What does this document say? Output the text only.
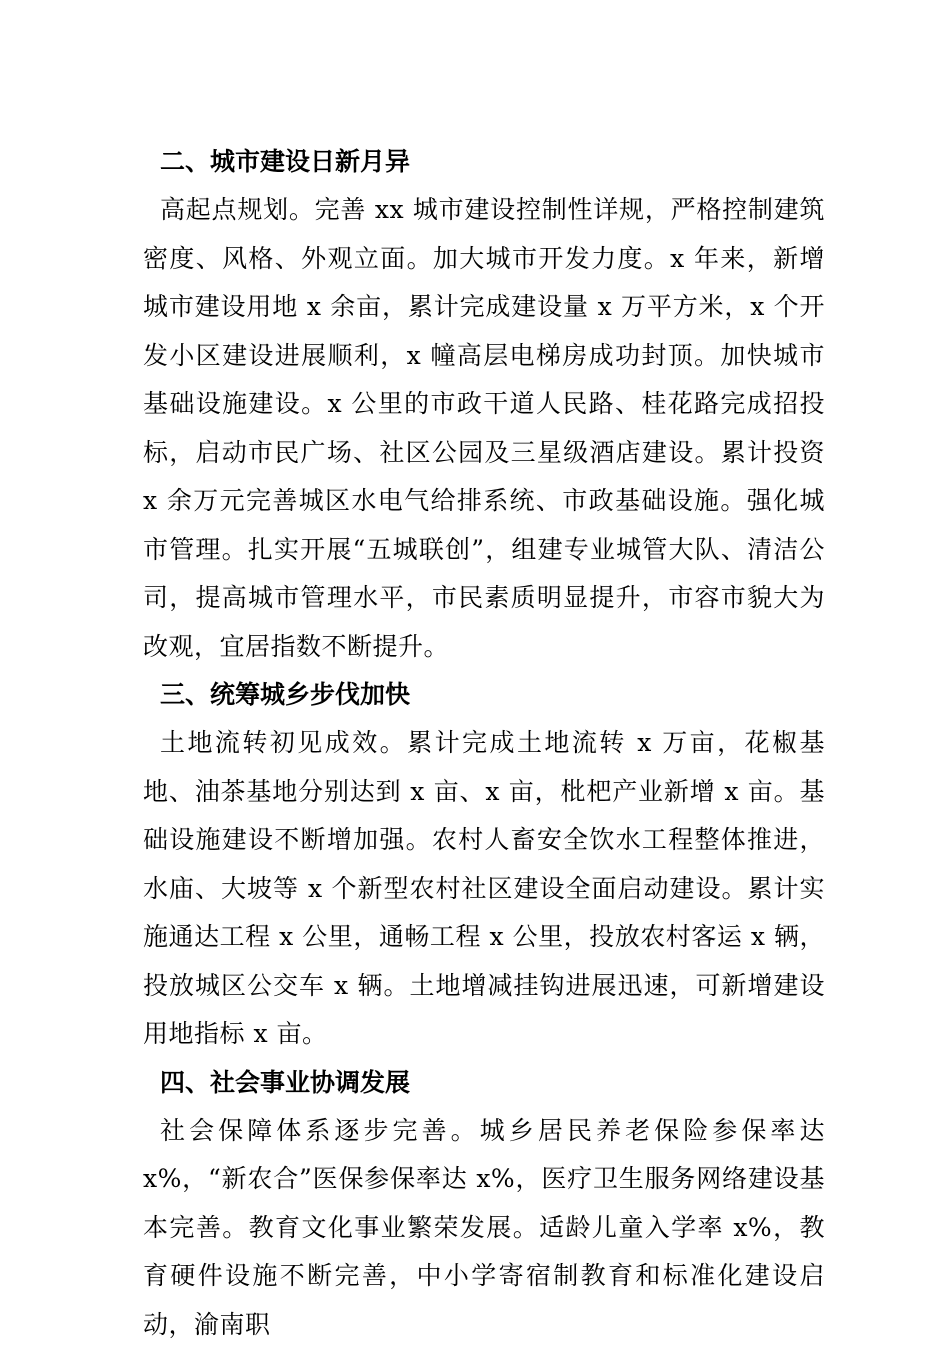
二、城市建设日新月异

高起点规划。完善 xx 城市建设控制性详规，严格控制建筑密度、风格、外观立面。加大城市开发力度。x 年来，新增城市建设用地 x 余亩，累计完成建设量 x 万平方米，x 个开发小区建设进展顺利，x 幢高层电梯房成功封顶。加快城市基础设施建设。x 公里的市政干道人民路、桂花路完成招投标，启动市民广场、社区公园及三星级酒店建设。累计投资 x 余万元完善城区水电气给排系统、市政基础设施。强化城市管理。扎实开展“五城联创”，组建专业城管大队、清洁公司，提高城市管理水平，市民素质明显提升，市容市貌大为改观，宜居指数不断提升。

三、统筹城乡步伐加快

土地流转初见成效。累计完成土地流转 x 万亩，花椒基地、油茶基地分别达到 x 亩、x 亩，枇杷产业新增 x 亩。基础设施建设不断增加强。农村人畜安全饮水工程整体推进，水庙、大坡等 x 个新型农村社区建设全面启动建设。累计实施通达工程 x 公里，通畅工程 x 公里，投放农村客运 x 辆，投放城区公交车 x 辆。土地增减挂钩进展迅速，可新增建设用地指标 x 亩。

四、社会事业协调发展

社会保障体系逐步完善。城乡居民养老保险参保率达 x%，“新农合”医保参保率达 x%，医疗卫生服务网络建设基本完善。教育文化事业繁荣发展。适龄儿童入学率 x%，教育硬件设施不断完善，中小学寄宿制教育和标准化建设启动，渝南职
